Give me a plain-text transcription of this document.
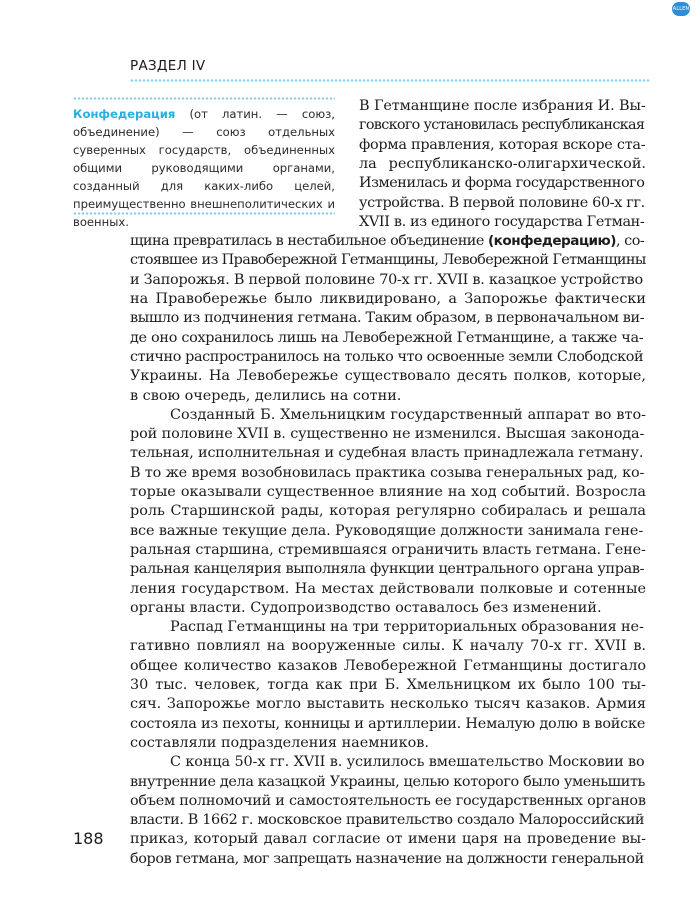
ALLEN
РАЗДЕЛ IV
Конфедерация (от латин. — союз, объединение) — союз отдельных суверенных государств, объединенных общими руководящими органами, созданный для каких-либо целей, преимущественно внешнеполитических и военных.
В Гетманщине после избрания И. Вы-
говского установилась республиканская
форма правления, которая вскоре ста-
ла республиканско-олигархической.
Изменилась и форма государственного
устройства. В первой половине 60-х гг.
XVII в. из единого государства Гетман-
щина превратилась в нестабильное объединение (конфедерацию), со-
стоявшее из Правобережной Гетманщины, Левобережной Гетманщины
и Запорожья. В первой половине 70-х гг. XVII в. казацкое устройство
на Правобережье было ликвидировано, а Запорожье фактически
вышло из подчинения гетмана. Таким образом, в первоначальном ви-
де оно сохранилось лишь на Левобережной Гетманщине, а также ча-
стично распространилось на только что освоенные земли Слободской
Украины. На Левобережье существовало десять полков, которые,
в свою очередь, делились на сотни.
Созданный Б. Хмельницким государственный аппарат во вто-
рой половине XVII в. существенно не изменился. Высшая законода-
тельная, исполнительная и судебная власть принадлежала гетману.
В то же время возобновилась практика созыва генеральных рад, ко-
торые оказывали существенное влияние на ход событий. Возросла
роль Старшинской рады, которая регулярно собиралась и решала
все важные текущие дела. Руководящие должности занимала гене-
ральная старшина, стремившаяся ограничить власть гетмана. Гене-
ральная канцелярия выполняла функции центрального органа управ-
ления государством. На местах действовали полковые и сотенные
органы власти. Судопроизводство оставалось без изменений.
Распад Гетманщины на три территориальных образования не-
гативно повлиял на вооруженные силы. К началу 70-х гг. XVII в.
общее количество казаков Левобережной Гетманщины достигало
30 тыс. человек, тогда как при Б. Хмельницком их было 100 ты-
сяч. Запорожье могло выставить несколько тысяч казаков. Армия
состояла из пехоты, конницы и артиллерии. Немалую долю в войске
составляли подразделения наемников.
С конца 50-х гг. XVII в. усилилось вмешательство Московии во
внутренние дела казацкой Украины, целью которого было уменьшить
объем полномочий и самостоятельность ее государственных органов
власти. В 1662 г. московское правительство создало Малороссийский
приказ, который давал согласие от имени царя на проведение вы-
боров гетмана, мог запрещать назначение на должности генеральной
188
